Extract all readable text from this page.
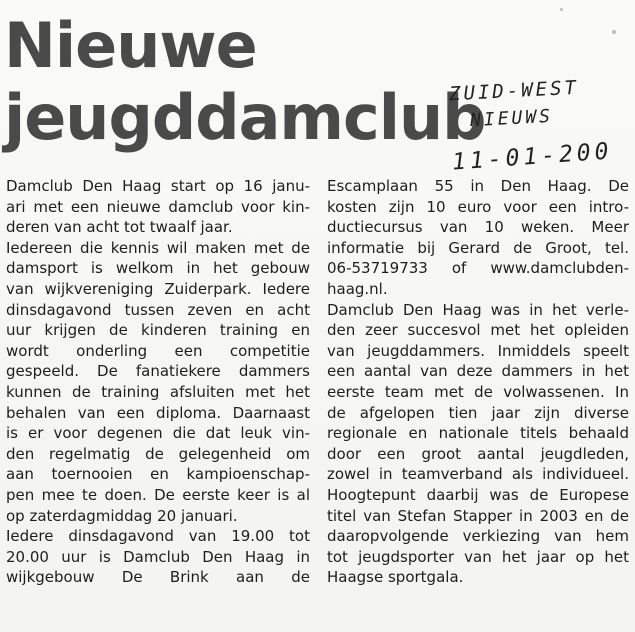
Nieuwe
jeugddamclub
ZUID-WEST
NIEUWS
11-01-200
Damclub Den Haag start op 16 janu-
ari met een nieuwe damclub voor kin-
deren van acht tot twaalf jaar.
Iedereen die kennis wil maken met de
damsport is welkom in het gebouw
van wijkvereniging Zuiderpark. Iedere
dinsdagavond tussen zeven en acht
uur krijgen de kinderen training en
wordt onderling een competitie
gespeeld. De fanatiekere dammers
kunnen de training afsluiten met het
behalen van een diploma. Daarnaast
is er voor degenen die dat leuk vin-
den regelmatig de gelegenheid om
aan toernooien en kampioenschap-
pen mee te doen. De eerste keer is al
op zaterdagmiddag 20 januari.
Iedere dinsdagavond van 19.00 tot
20.00 uur is Damclub Den Haag in
wijkgebouw De Brink aan de
Escamplaan 55 in Den Haag. De
kosten zijn 10 euro voor een intro-
ductiecursus van 10 weken. Meer
informatie bij Gerard de Groot, tel.
06-53719733 of www.damclubden-
haag.nl.
Damclub Den Haag was in het verle-
den zeer succesvol met het opleiden
van jeugddammers. Inmiddels speelt
een aantal van deze dammers in het
eerste team met de volwassenen. In
de afgelopen tien jaar zijn diverse
regionale en nationale titels behaald
door een groot aantal jeugdleden,
zowel in teamverband als individueel.
Hoogtepunt daarbij was de Europese
titel van Stefan Stapper in 2003 en de
daaropvolgende verkiezing van hem
tot jeugdsporter van het jaar op het
Haagse sportgala.
